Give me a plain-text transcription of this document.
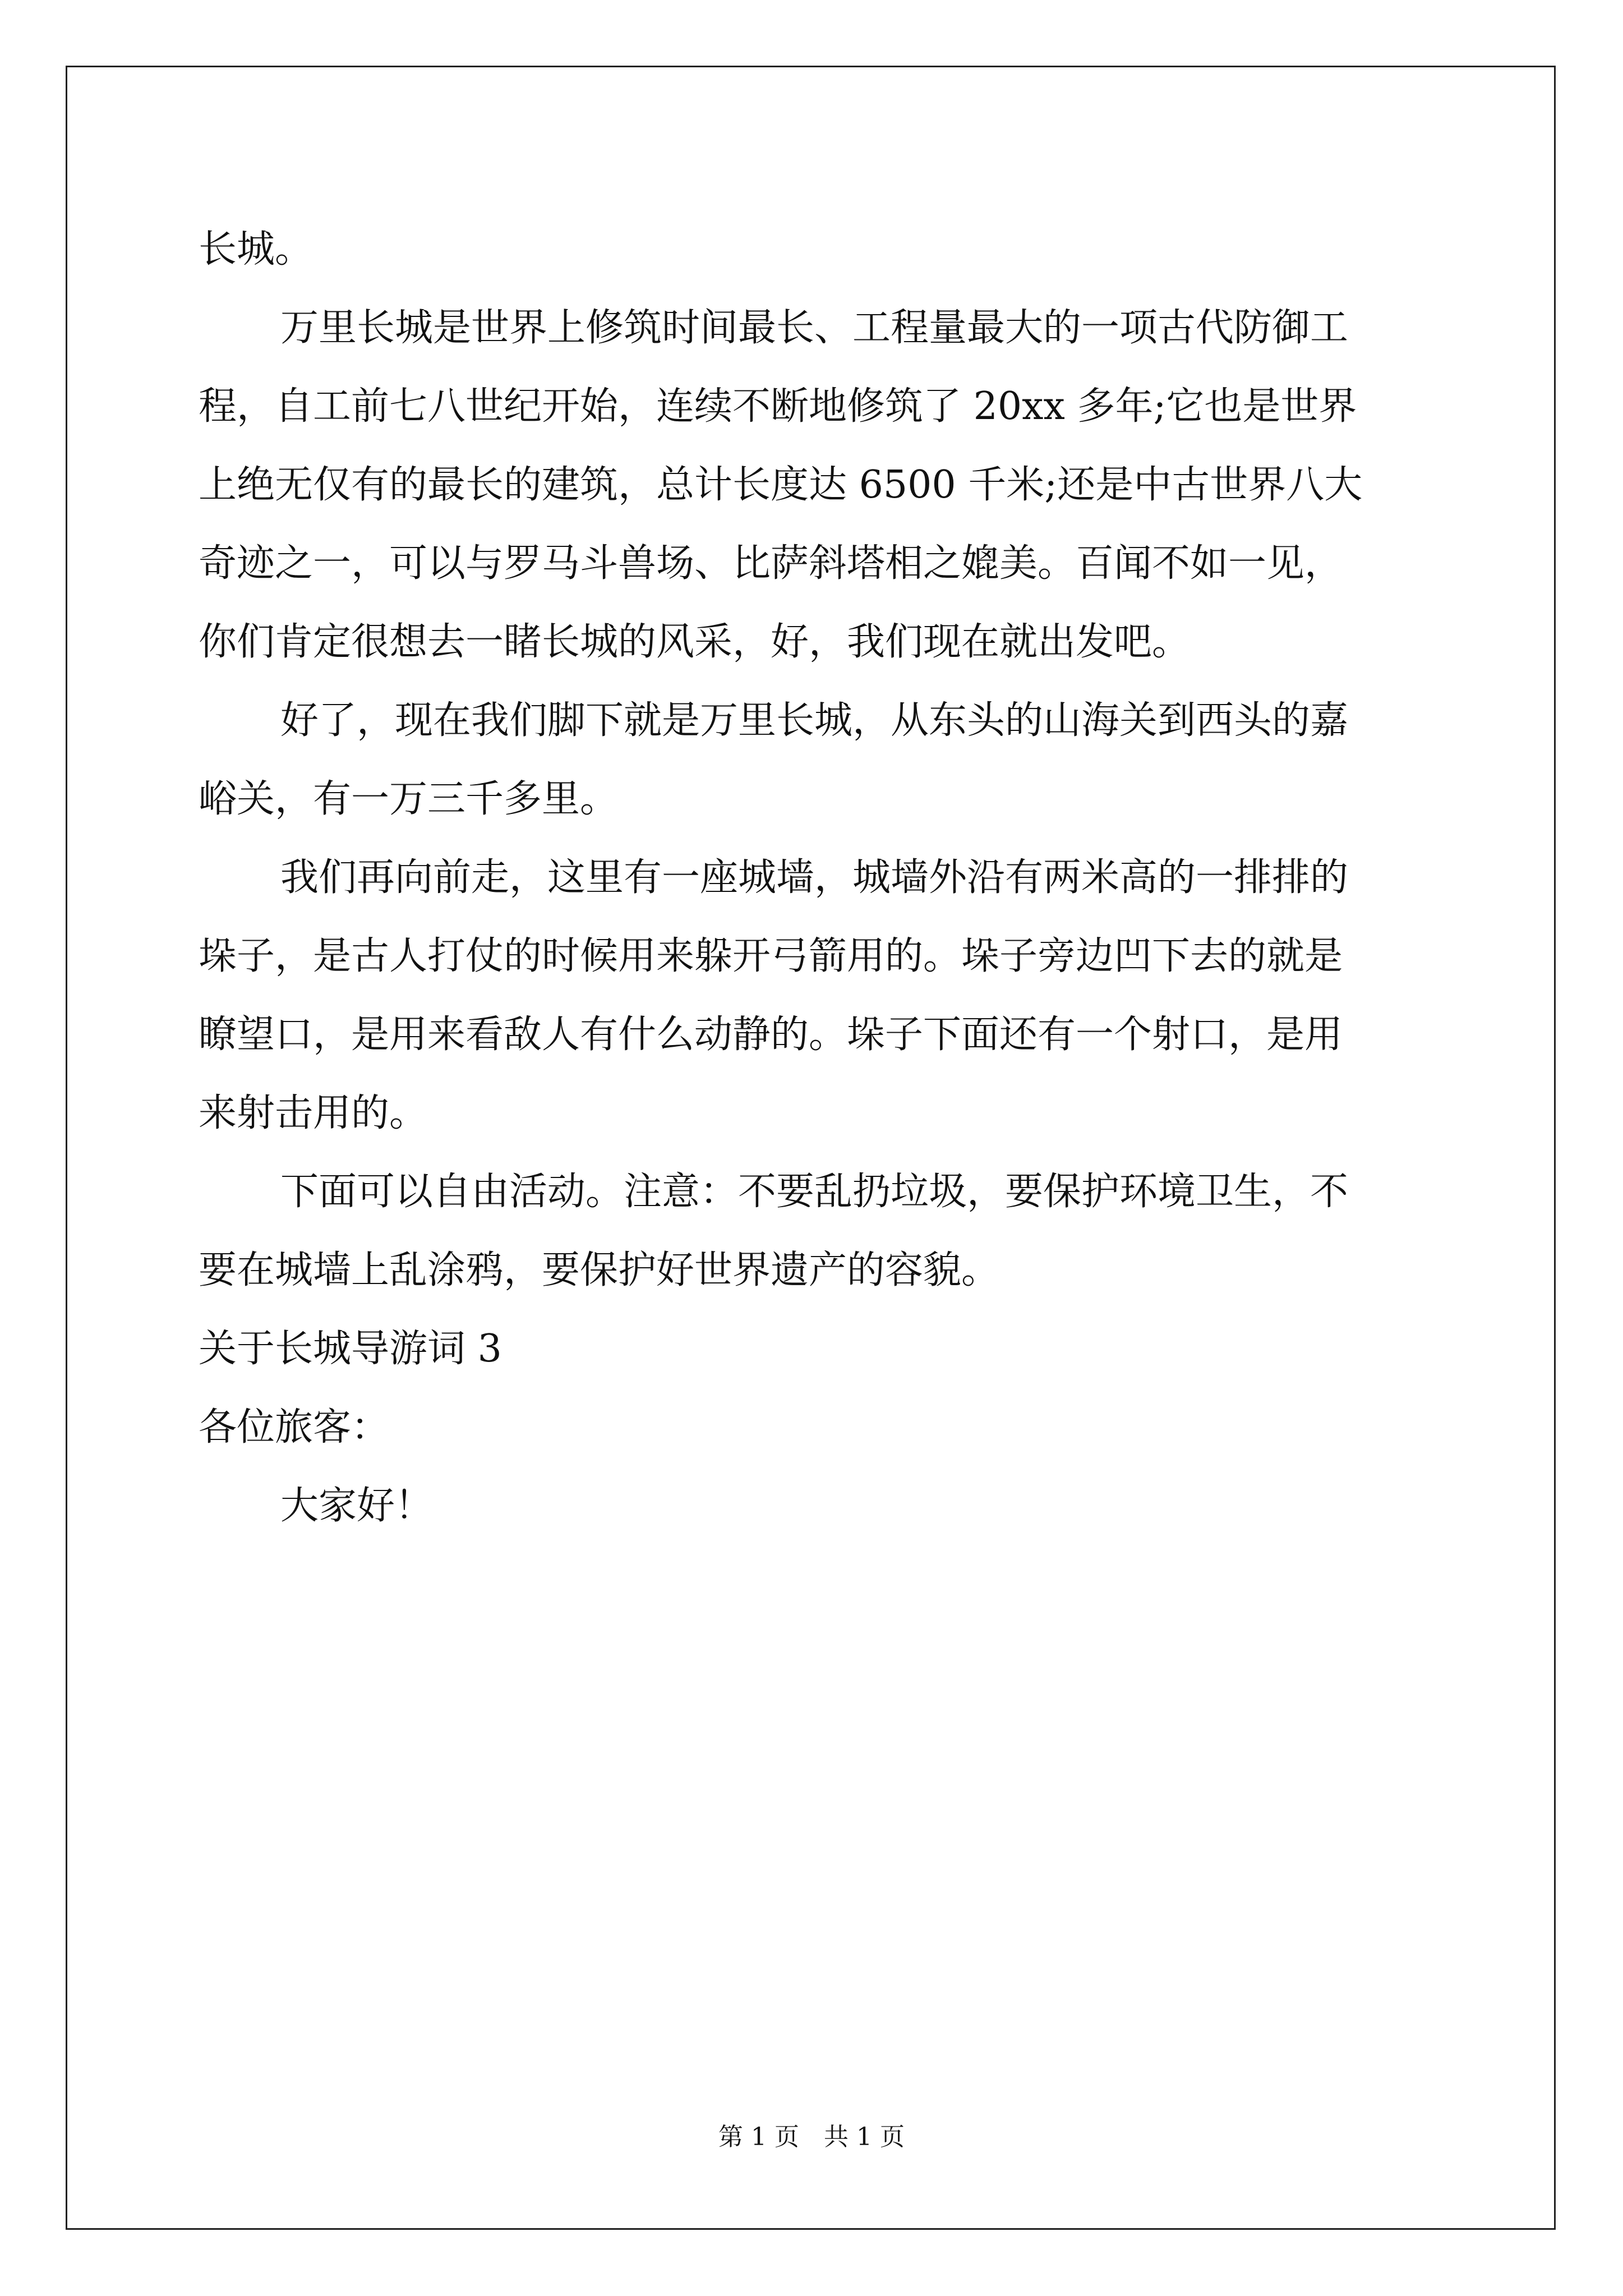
长城。
万里长城是世界上修筑时间最长、工程量最大的一项古代防御工
程，自工前七八世纪开始，连续不断地修筑了 20xx 多年;它也是世界
上绝无仅有的最长的建筑，总计长度达 6500 千米;还是中古世界八大
奇迹之一，可以与罗马斗兽场、比萨斜塔相之媲美。百闻不如一见，
你们肯定很想去一睹长城的风采，好，我们现在就出发吧。
好了，现在我们脚下就是万里长城，从东头的山海关到西头的嘉
峪关，有一万三千多里。
我们再向前走，这里有一座城墙，城墙外沿有两米高的一排排的
垛子，是古人打仗的时候用来躲开弓箭用的。垛子旁边凹下去的就是
瞭望口，是用来看敌人有什么动静的。垛子下面还有一个射口，是用
来射击用的。
下面可以自由活动。注意：不要乱扔垃圾，要保护环境卫生，不
要在城墙上乱涂鸦，要保护好世界遗产的容貌。
关于长城导游词 3
各位旅客：
大家好！
第 1 页　共 1 页
